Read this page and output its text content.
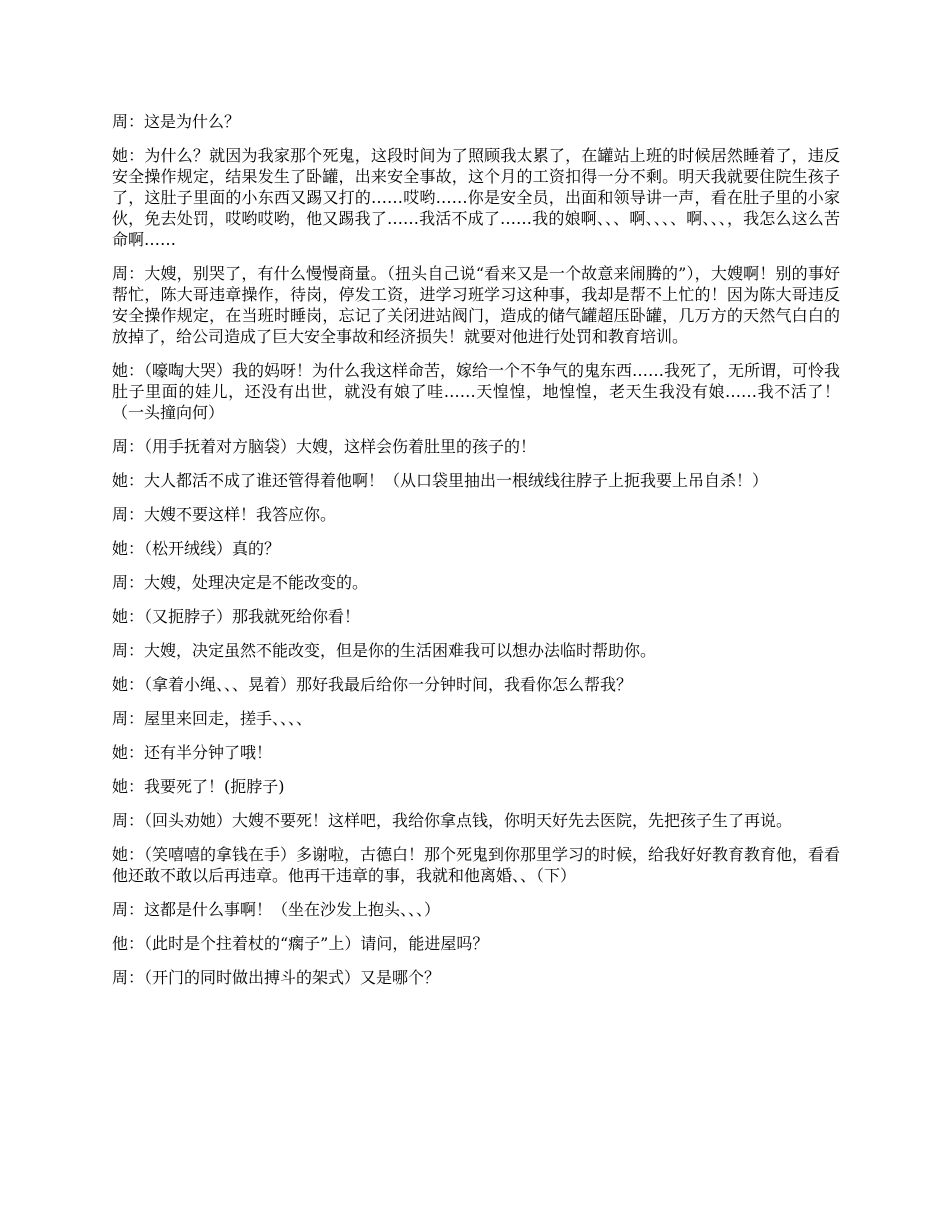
周：这是为什么？

她：为什么？就因为我家那个死鬼，这段时间为了照顾我太累了，在罐站上班的时候居然睡着了，违反安全操作规定，结果发生了卧罐，出来安全事故，这个月的工资扣得一分不剩。明天我就要住院生孩子了，这肚子里面的小东西又踢又打的……哎哟……你是安全员，出面和领导讲一声，看在肚子里的小家伙，免去处罚，哎哟哎哟，他又踢我了……我活不成了……我的娘啊、、、啊、、、、啊、、、，我怎么这么苦命啊……

周：大嫂，别哭了，有什么慢慢商量。（扭头自己说“看来又是一个故意来闹腾的”），大嫂啊！别的事好帮忙，陈大哥违章操作，待岗，停发工资，进学习班学习这种事，我却是帮不上忙的！因为陈大哥违反安全操作规定，在当班时睡岗，忘记了关闭进站阀门，造成的储气罐超压卧罐，几万方的天然气白白的放掉了，给公司造成了巨大安全事故和经济损失！就要对他进行处罚和教育培训。

她：（嚎啕大哭）我的妈呀！为什么我这样命苦，嫁给一个不争气的鬼东西……我死了，无所谓，可怜我肚子里面的娃儿，还没有出世，就没有娘了哇……天惶惶，地惶惶，老天生我没有娘……我不活了！（一头撞向何）

周：（用手抚着对方脑袋）大嫂，这样会伤着肚里的孩子的！

她：大人都活不成了谁还管得着他啊！（从口袋里抽出一根绒线往脖子上扼我要上吊自杀！）

周：大嫂不要这样！我答应你。

她：（松开绒线）真的？

周：大嫂，处理决定是不能改变的。

她：（又扼脖子）那我就死给你看！

周：大嫂，决定虽然不能改变，但是你的生活困难我可以想办法临时帮助你。

她：（拿着小绳、、、晃着）那好我最后给你一分钟时间，我看你怎么帮我？

周：屋里来回走，搓手、、、、

她：还有半分钟了哦！

她：我要死了！(扼脖子)

周：（回头劝她）大嫂不要死！这样吧，我给你拿点钱，你明天好先去医院，先把孩子生了再说。

她：（笑嘻嘻的拿钱在手）多谢啦，古德白！那个死鬼到你那里学习的时候，给我好好教育教育他，看看他还敢不敢以后再违章。他再干违章的事，我就和他离婚、、（下）

周：这都是什么事啊！（坐在沙发上抱头、、、）

他：（此时是个拄着杖的“瘸子”上）请问，能进屋吗？

周：（开门的同时做出搏斗的架式）又是哪个？
